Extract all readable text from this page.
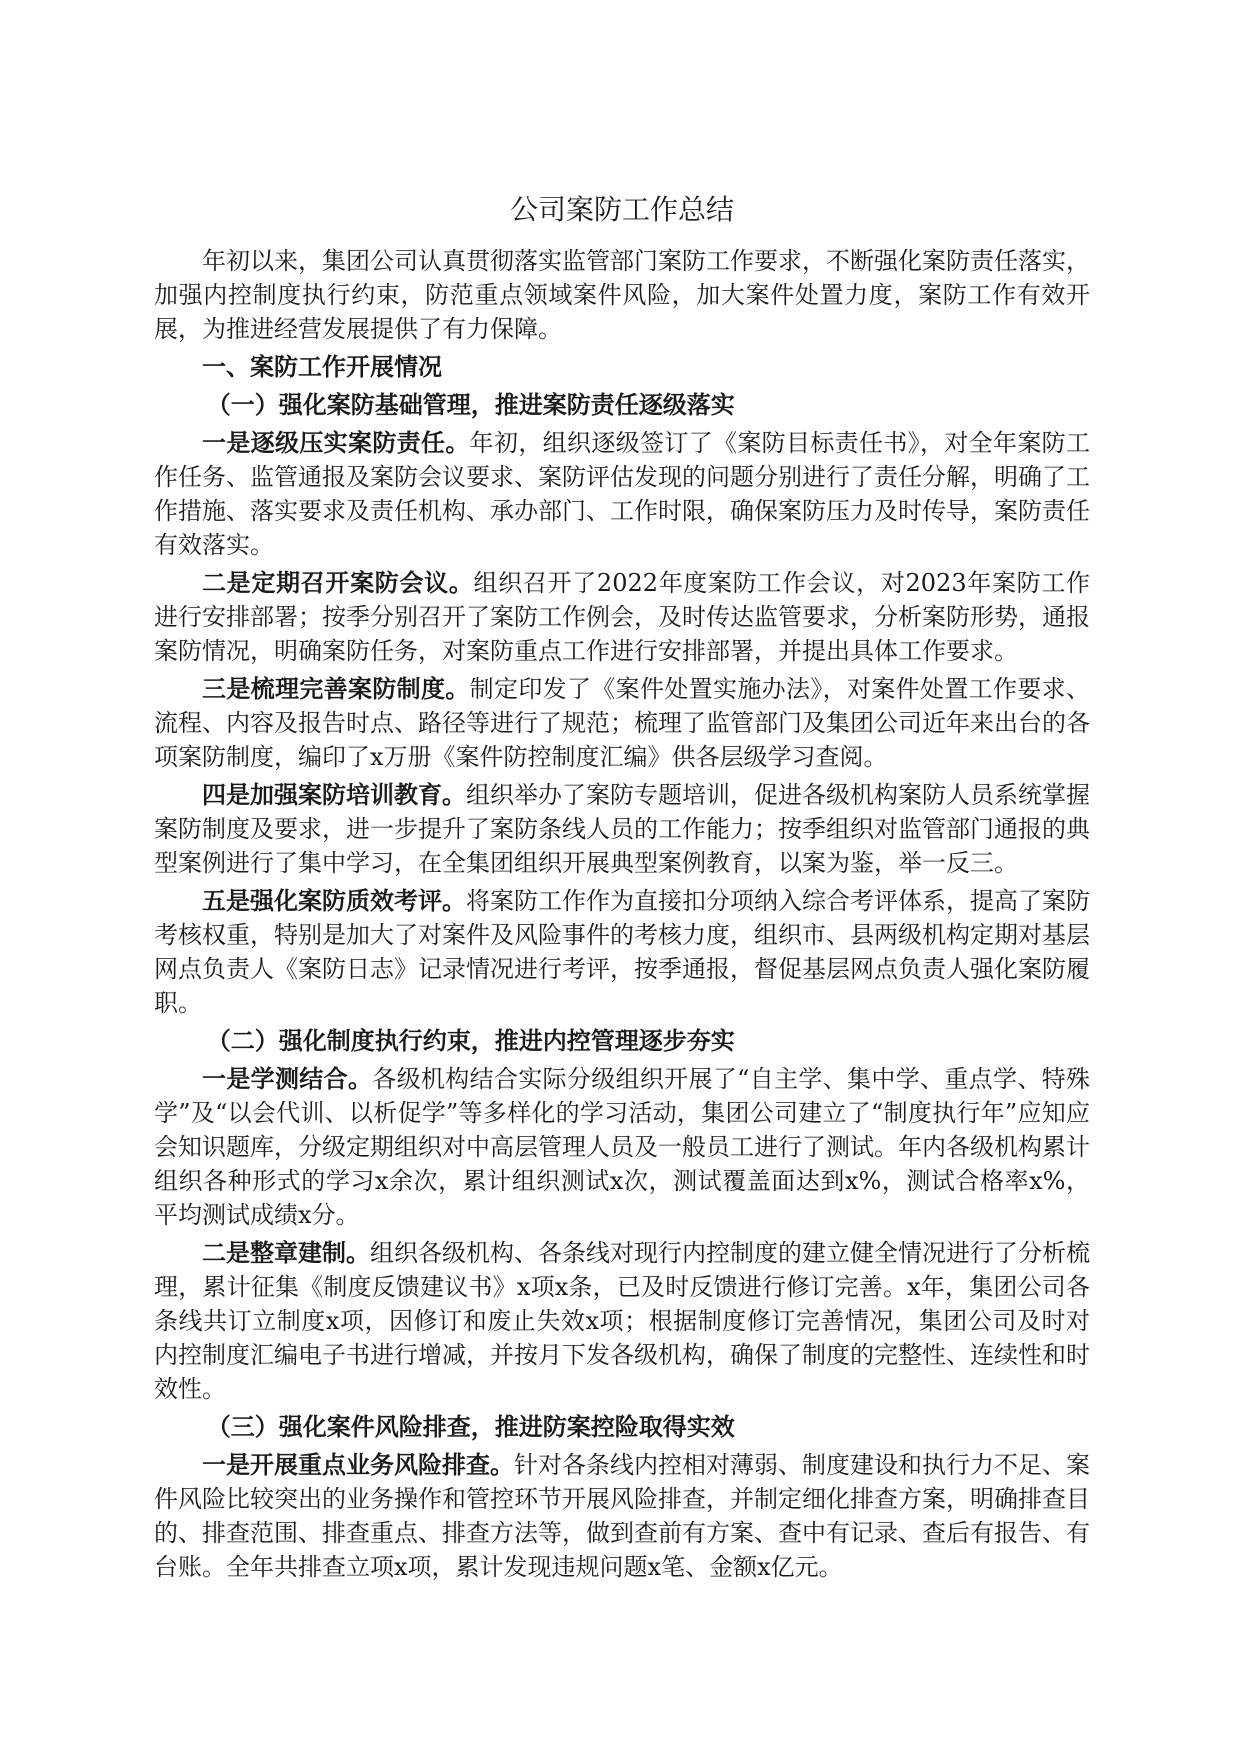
公司案防工作总结

年初以来，集团公司认真贯彻落实监管部门案防工作要求，不断强化案防责任落实，加强内控制度执行约束，防范重点领域案件风险，加大案件处置力度，案防工作有效开展，为推进经营发展提供了有力保障。

一、案防工作开展情况

（一）强化案防基础管理，推进案防责任逐级落实

一是逐级压实案防责任。年初，组织逐级签订了《案防目标责任书》，对全年案防工作任务、监管通报及案防会议要求、案防评估发现的问题分别进行了责任分解，明确了工作措施、落实要求及责任机构、承办部门、工作时限，确保案防压力及时传导，案防责任有效落实。

二是定期召开案防会议。组织召开了2022年度案防工作会议，对2023年案防工作进行安排部署；按季分别召开了案防工作例会，及时传达监管要求，分析案防形势，通报案防情况，明确案防任务，对案防重点工作进行安排部署，并提出具体工作要求。

三是梳理完善案防制度。制定印发了《案件处置实施办法》，对案件处置工作要求、流程、内容及报告时点、路径等进行了规范；梳理了监管部门及集团公司近年来出台的各项案防制度，编印了x万册《案件防控制度汇编》供各层级学习查阅。

四是加强案防培训教育。组织举办了案防专题培训，促进各级机构案防人员系统掌握案防制度及要求，进一步提升了案防条线人员的工作能力；按季组织对监管部门通报的典型案例进行了集中学习，在全集团组织开展典型案例教育，以案为鉴，举一反三。

五是强化案防质效考评。将案防工作作为直接扣分项纳入综合考评体系，提高了案防考核权重，特别是加大了对案件及风险事件的考核力度，组织市、县两级机构定期对基层网点负责人《案防日志》记录情况进行考评，按季通报，督促基层网点负责人强化案防履职。

（二）强化制度执行约束，推进内控管理逐步夯实

一是学测结合。各级机构结合实际分级组织开展了“自主学、集中学、重点学、特殊学”及“以会代训、以析促学”等多样化的学习活动，集团公司建立了“制度执行年”应知应会知识题库，分级定期组织对中高层管理人员及一般员工进行了测试。年内各级机构累计组织各种形式的学习x余次，累计组织测试x次，测试覆盖面达到x%，测试合格率x%，平均测试成绩x分。

二是整章建制。组织各级机构、各条线对现行内控制度的建立健全情况进行了分析梳理，累计征集《制度反馈建议书》x项x条，已及时反馈进行修订完善。x年，集团公司各条线共订立制度x项，因修订和废止失效x项；根据制度修订完善情况，集团公司及时对内控制度汇编电子书进行增减，并按月下发各级机构，确保了制度的完整性、连续性和时效性。

（三）强化案件风险排查，推进防案控险取得实效

一是开展重点业务风险排查。针对各条线内控相对薄弱、制度建设和执行力不足、案件风险比较突出的业务操作和管控环节开展风险排查，并制定细化排查方案，明确排查目的、排查范围、排查重点、排查方法等，做到查前有方案、查中有记录、查后有报告、有台账。全年共排查立项x项，累计发现违规问题x笔、金额x亿元。
